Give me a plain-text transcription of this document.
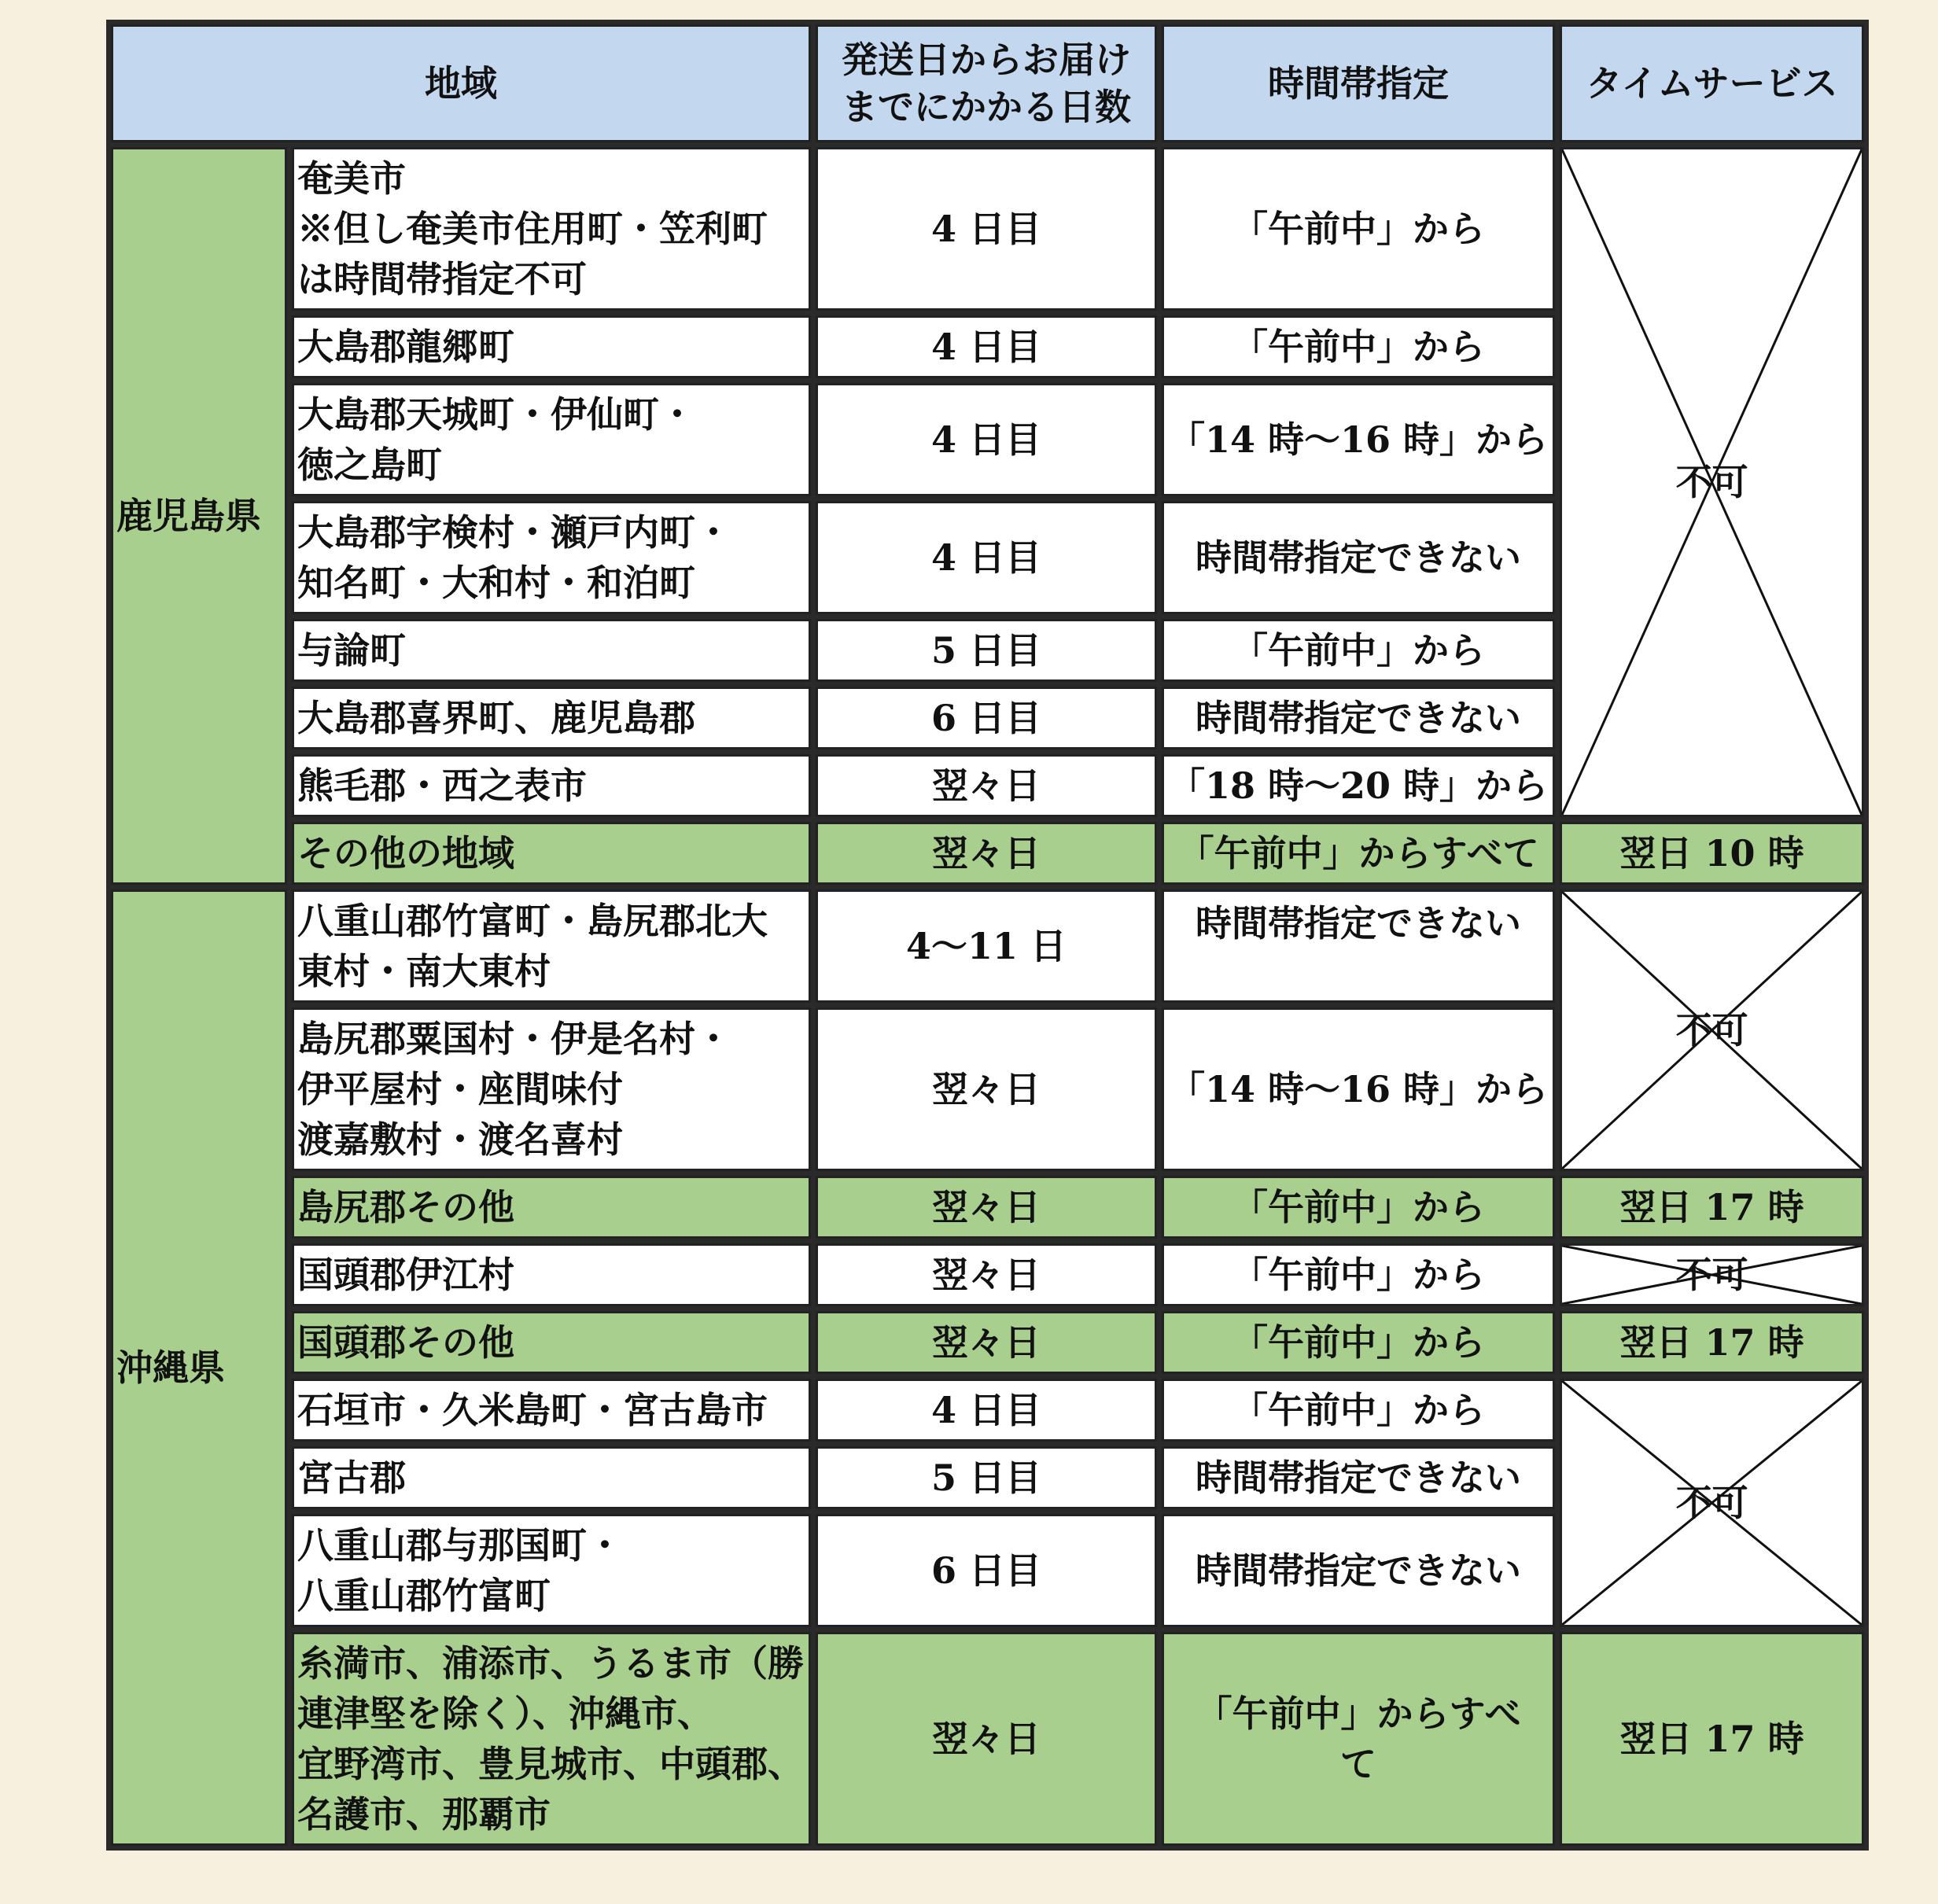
地域		発送日からお届け
までにかかる日数	時間帯指定	タイムサービス
鹿児島県	奄美市
※但し奄美市住用町・笠利町
は時間帯指定不可	4 日目	「午前中」から	不可
	大島郡龍郷町	4 日目	「午前中」から	
	大島郡天城町・伊仙町・
徳之島町	4 日目	「14 時～16 時」から	
	大島郡宇検村・瀬戸内町・
知名町・大和村・和泊町	4 日目	時間帯指定できない	
	与論町	5 日目	「午前中」から	
	大島郡喜界町、鹿児島郡	6 日目	時間帯指定できない	
	熊毛郡・西之表市	翌々日	「18 時～20 時」から	
	その他の地域	翌々日	「午前中」からすべて	翌日 10 時
沖縄県	八重山郡竹富町・島尻郡北大
東村・南大東村	4～11 日	時間帯指定できない	不可
	島尻郡粟国村・伊是名村・
伊平屋村・座間味付
渡嘉敷村・渡名喜村	翌々日	「14 時～16 時」から	
	島尻郡その他	翌々日	「午前中」から	翌日 17 時
	国頭郡伊江村	翌々日	「午前中」から	不可
	国頭郡その他	翌々日	「午前中」から	翌日 17 時
	石垣市・久米島町・宮古島市	4 日目	「午前中」から	不可
	宮古郡	5 日目	時間帯指定できない	
	八重山郡与那国町・
八重山郡竹富町	6 日目	時間帯指定できない	
	糸満市、浦添市、うるま市（勝
連津堅を除く）、沖縄市、
宜野湾市、豊見城市、中頭郡、
名護市、那覇市	翌々日	「午前中」からすべ
て	翌日 17 時
